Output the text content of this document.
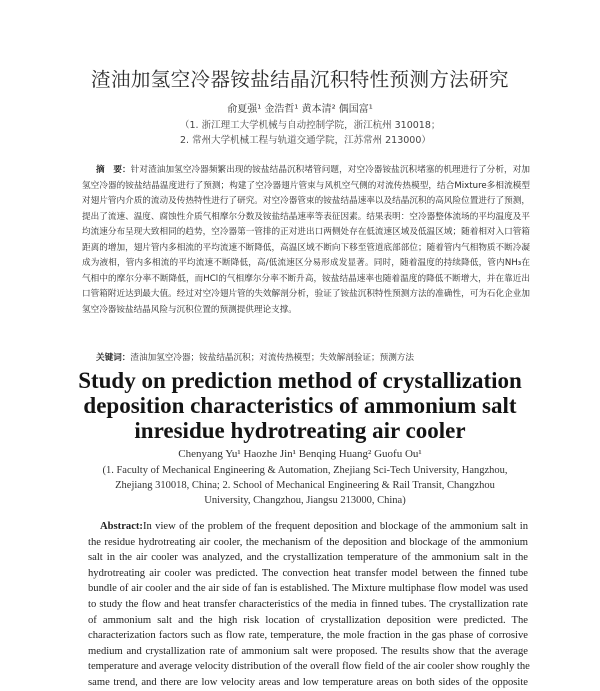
渣油加氢空冷器铵盐结晶沉积特性预测方法研究
俞夏强¹ 金浩哲¹ 黄本清² 偶国富¹
（1. 浙江理工大学机械与自动控制学院，浙江杭州 310018；
2. 常州大学机械工程与轨道交通学院，江苏常州 213000）
摘　要：针对渣油加氢空冷器频繁出现的铵盐结晶沉积堵管问题，对空冷器铵盐沉积堵塞的机理进行了分析，对加氢空冷器的铵盐结晶温度进行了预测；构建了空冷器翅片管束与风机空气侧的对流传热模型，结合Mixture多相流模型对翅片管内介质的流动及传热特性进行了研究。对空冷器管束的铵盐结晶速率以及结晶沉积的高风险位置进行了预测，提出了流速、温度、腐蚀性介质气相摩尔分数及铵盐结晶速率等表征因素。结果表明：空冷器整体流场的平均温度及平均流速分布呈现大致相同的趋势，空冷器第一管排的正对进出口两侧处存在低流速区域及低温区域；随着相对入口管箱距离的增加，翅片管内多相流的平均流速不断降低，高温区域不断向下移至管道底部部位；随着管内气相物质不断冷凝成为液相，管内多相流的平均流速不断降低，高/低流速区分易形成发显著。同时，随着温度的持续降低，管内NH₃在气相中的摩尔分率不断降低，而HCl的气相摩尔分率不断升高，铵盐结晶速率也随着温度的降低不断增大，并在靠近出口管箱附近达到最大值。经过对空冷翅片管的失效解剖分析，验证了铵盐沉积特性预测方法的准确性，可为石化企业加氢空冷器铵盐结晶风险与沉积位置的预测提供理论支撑。
关键词：渣油加氢空冷器；铵盐结晶沉积；对流传热模型；失效解剖验证；预测方法
Study on prediction method of crystallization
deposition characteristics of ammonium salt
inresidue hydrotreating air cooler
Chenyang Yu¹ Haozhe Jin¹ Benqing Huang² Guofu Ou¹
(1. Faculty of Mechanical Engineering & Automation, Zhejiang Sci-Tech University, Hangzhou,
Zhejiang 310018, China; 2. School of Mechanical Engineering & Rail Transit, Changzhou
University, Changzhou, Jiangsu 213000, China)
Abstract:In view of the problem of the frequent deposition and blockage of the ammonium salt in
the residue hydrotreating air cooler, the mechanism of the deposition and blockage of the ammonium
salt in the air cooler was analyzed, and the crystallization temperature of the ammonium salt in the
hydrotreating air cooler was predicted. The convection heat transfer model between the finned tube
bundle of air cooler and the air side of fan is established. The Mixture multiphase flow model was used
to study the flow and heat transfer characteristics of the media in finned tubes. The crystallization rate
of ammonium salt and the high risk location of crystallization deposition were predicted. The
characterization factors such as flow rate, temperature, the mole fraction in the gas phase of corrosive
medium and crystallization rate of ammonium salt were proposed. The results show that the average
temperature and average velocity distribution of the overall flow field of the air cooler show roughly the
same trend, and there are low velocity areas and low temperature areas on both sides of the opposite
